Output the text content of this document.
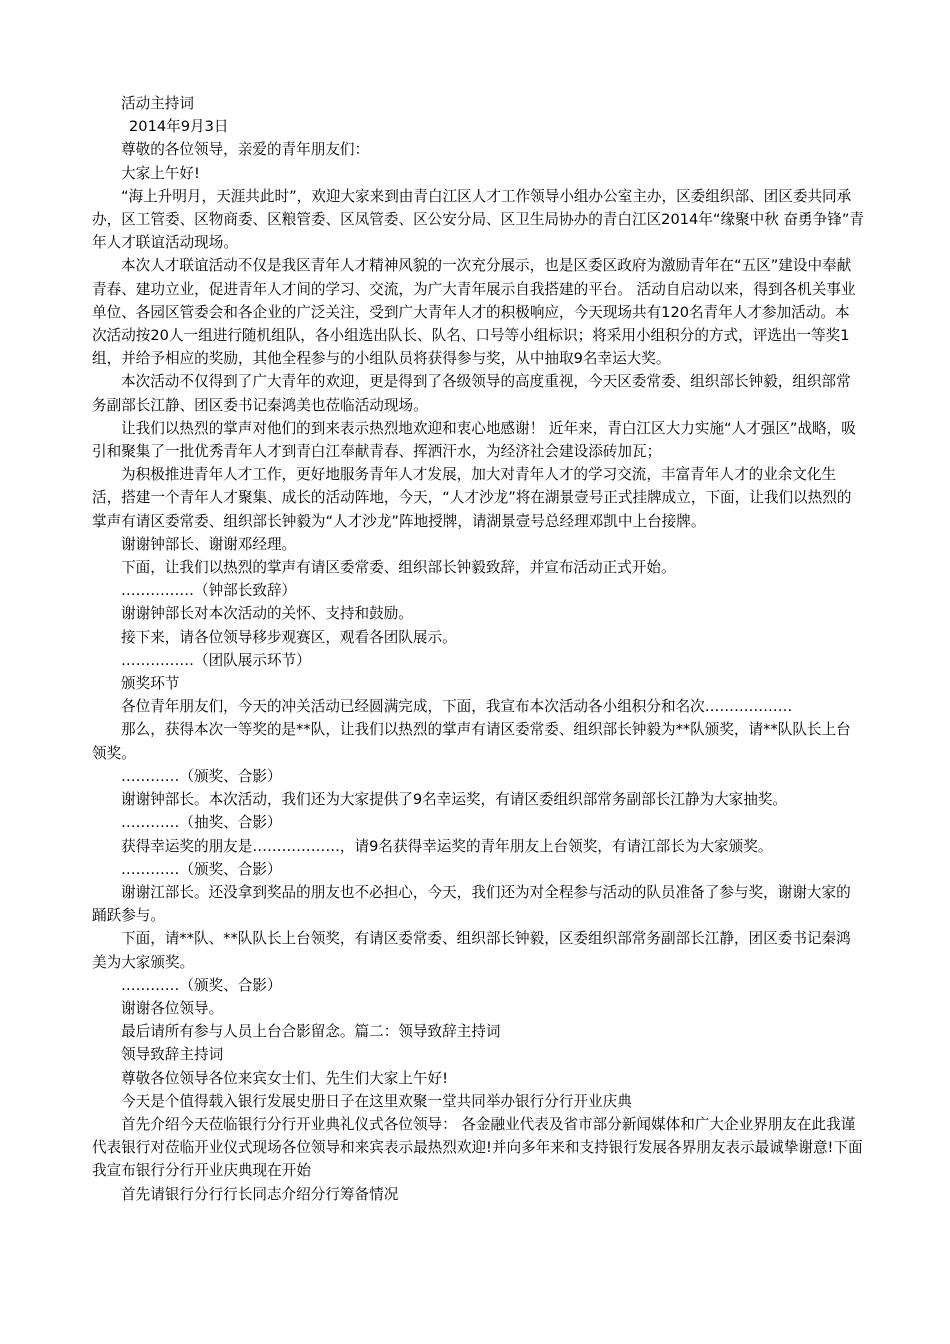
活动主持词

2014年9月3日

尊敬的各位领导，亲爱的青年朋友们：

大家上午好!

“海上升明月，天涯共此时”，欢迎大家来到由青白江区人才工作领导小组办公室主办，区委组织部、团区委共同承办，区工管委、区物商委、区粮管委、区凤管委、区公安分局、区卫生局协办的青白江区2014年“缘聚中秋 奋勇争锋”青年人才联谊活动现场。

本次人才联谊活动不仅是我区青年人才精神风貌的一次充分展示，也是区委区政府为激励青年在“五区”建设中奉献青春、建功立业，促进青年人才间的学习、交流，为广大青年展示自我搭建的平台。 活动自启动以来，得到各机关事业单位、各园区管委会和各企业的广泛关注，受到广大青年人才的积极响应，今天现场共有120名青年人才参加活动。本次活动按20人一组进行随机组队，各小组选出队长、队名、口号等小组标识；将采用小组积分的方式，评选出一等奖1组，并给予相应的奖励，其他全程参与的小组队员将获得参与奖，从中抽取9名幸运大奖。

本次活动不仅得到了广大青年的欢迎，更是得到了各级领导的高度重视，今天区委常委、组织部长钟毅，组织部常务副部长江静、团区委书记秦鸿美也莅临活动现场。

让我们以热烈的掌声对他们的到来表示热烈地欢迎和衷心地感谢！ 近年来，青白江区大力实施“人才强区”战略，吸引和聚集了一批优秀青年人才到青白江奉献青春、挥洒汗水，为经济社会建设添砖加瓦；

为积极推进青年人才工作，更好地服务青年人才发展，加大对青年人才的学习交流，丰富青年人才的业余文化生活，搭建一个青年人才聚集、成长的活动阵地，今天，“人才沙龙”将在湖景壹号正式挂牌成立，下面，让我们以热烈的掌声有请区委常委、组织部长钟毅为“人才沙龙”阵地授牌，请湖景壹号总经理邓凯中上台接牌。

谢谢钟部长、谢谢邓经理。

下面，让我们以热烈的掌声有请区委常委、组织部长钟毅致辞，并宣布活动正式开始。

……………（钟部长致辞）

谢谢钟部长对本次活动的关怀、支持和鼓励。

接下来，请各位领导移步观赛区，观看各团队展示。

……………（团队展示环节）

颁奖环节

各位青年朋友们，今天的冲关活动已经圆满完成，下面，我宣布本次活动各小组积分和名次………………

那么，获得本次一等奖的是**队，让我们以热烈的掌声有请区委常委、组织部长钟毅为**队颁奖，请**队队长上台领奖。

…………（颁奖、合影）

谢谢钟部长。本次活动，我们还为大家提供了9名幸运奖，有请区委组织部常务副部长江静为大家抽奖。

…………（抽奖、合影）

获得幸运奖的朋友是………………，请9名获得幸运奖的青年朋友上台领奖，有请江部长为大家颁奖。

…………（颁奖、合影）

谢谢江部长。还没拿到奖品的朋友也不必担心，今天，我们还为对全程参与活动的队员准备了参与奖，谢谢大家的踊跃参与。

下面，请**队、**队队长上台领奖，有请区委常委、组织部长钟毅，区委组织部常务副部长江静，团区委书记秦鸿美为大家颁奖。

…………（颁奖、合影）

谢谢各位领导。

最后请所有参与人员上台合影留念。篇二：领导致辞主持词

领导致辞主持词

尊敬各位领导各位来宾女士们、先生们大家上午好!

今天是个值得载入银行发展史册日子在这里欢聚一堂共同举办银行分行开业庆典

首先介绍今天莅临银行分行开业典礼仪式各位领导： 各金融业代表及省市部分新闻媒体和广大企业界朋友在此我谨代表银行对莅临开业仪式现场各位领导和来宾表示最热烈欢迎!并向多年来和支持银行发展各界朋友表示最诚挚谢意!下面我宣布银行分行开业庆典现在开始

首先请银行分行行长同志介绍分行筹备情况
